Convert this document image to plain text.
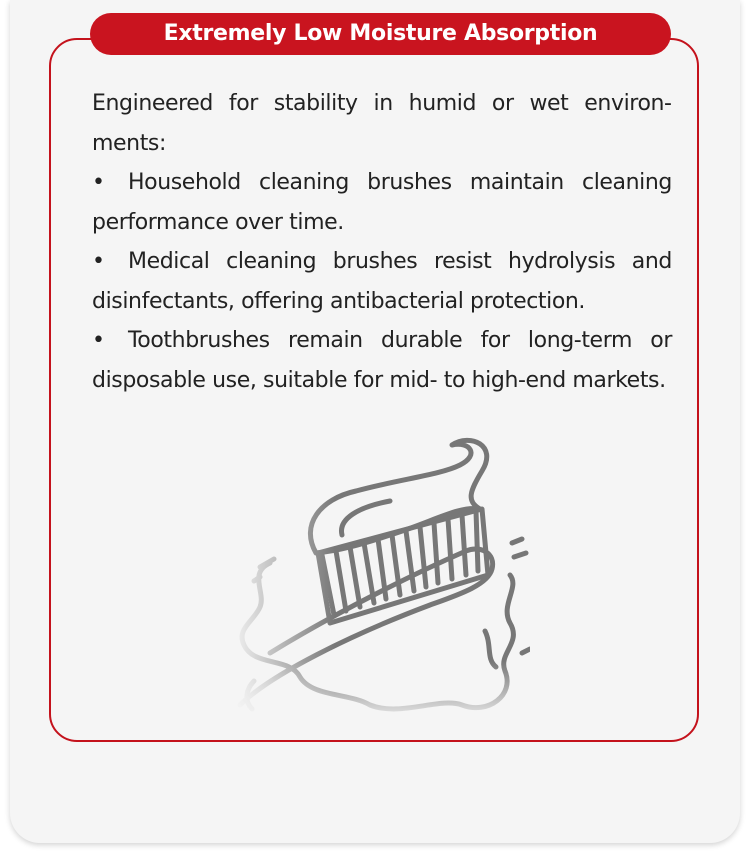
Extremely Low Moisture Absorption

Engineered for stability in humid or wet environments:

• Household cleaning brushes maintain cleaning performance over time.

• Medical cleaning brushes resist hydrolysis and disinfectants, offering antibacterial protection.

• Toothbrushes remain durable for long-term or disposable use, suitable for mid- to high-end markets.
